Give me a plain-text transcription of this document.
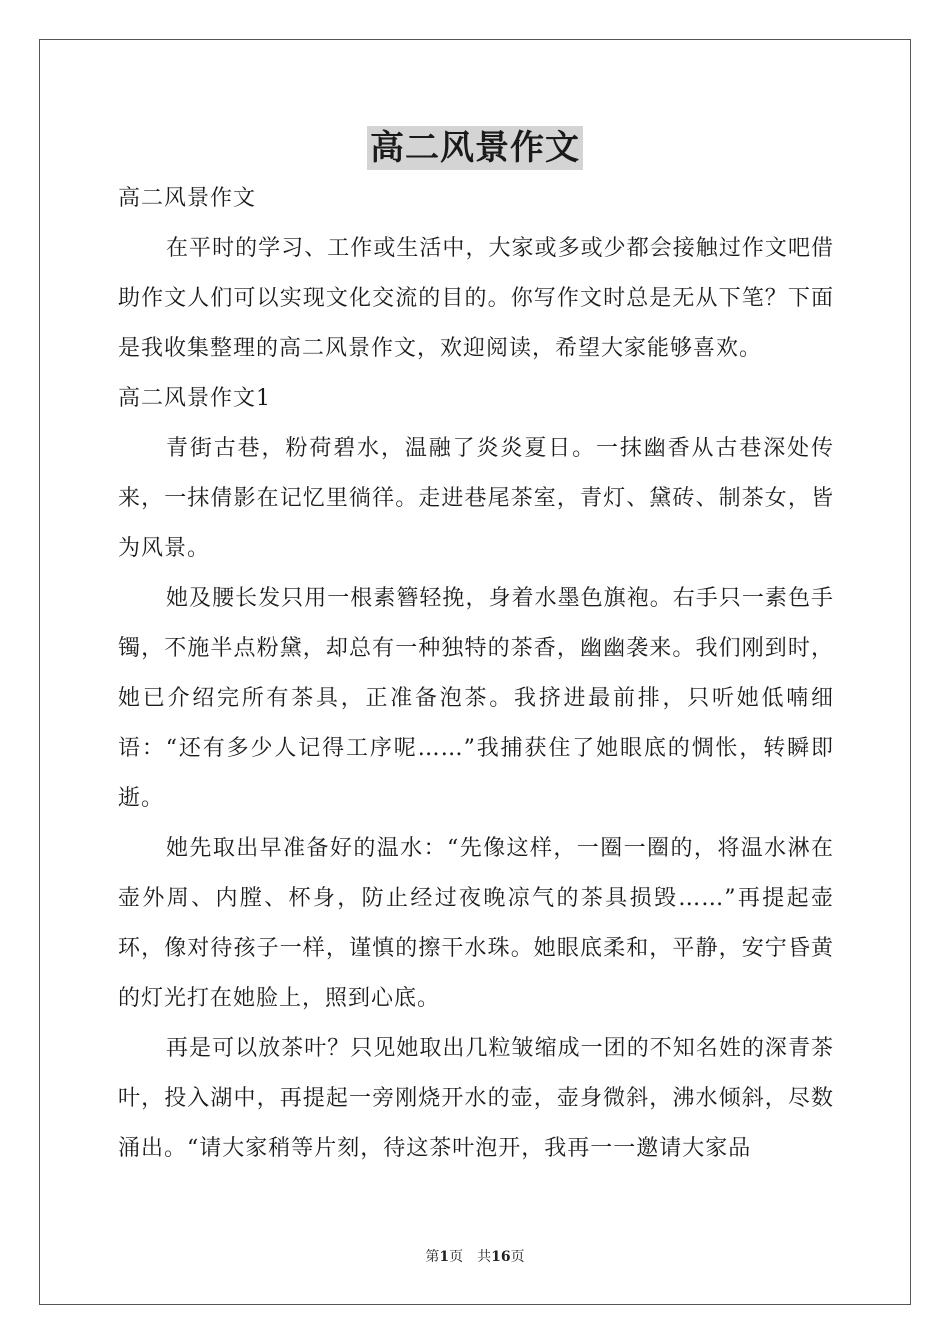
高二风景作文

高二风景作文

在平时的学习、工作或生活中，大家或多或少都会接触过作文吧借助作文人们可以实现文化交流的目的。你写作文时总是无从下笔？下面是我收集整理的高二风景作文，欢迎阅读，希望大家能够喜欢。

高二风景作文1

青街古巷，粉荷碧水，温融了炎炎夏日。一抹幽香从古巷深处传来，一抹倩影在记忆里徜徉。走进巷尾茶室，青灯、黛砖、制茶女，皆为风景。

她及腰长发只用一根素簪轻挽，身着水墨色旗袍。右手只一素色手镯，不施半点粉黛，却总有一种独特的茶香，幽幽袭来。我们刚到时，她已介绍完所有茶具，正准备泡茶。我挤进最前排，只听她低喃细语：“还有多少人记得工序呢……”我捕获住了她眼底的惆怅，转瞬即逝。

她先取出早准备好的温水：“先像这样，一圈一圈的，将温水淋在壶外周、内膛、杯身，防止经过夜晚凉气的茶具损毁……”再提起壶环，像对待孩子一样，谨慎的擦干水珠。她眼底柔和，平静，安宁昏黄的灯光打在她脸上，照到心底。

再是可以放茶叶？只见她取出几粒皱缩成一团的不知名姓的深青茶叶，投入湖中，再提起一旁刚烧开水的壶，壶身微斜，沸水倾斜，尽数涌出。“请大家稍等片刻，待这茶叶泡开，我再一一邀请大家品

第1页　共16页
